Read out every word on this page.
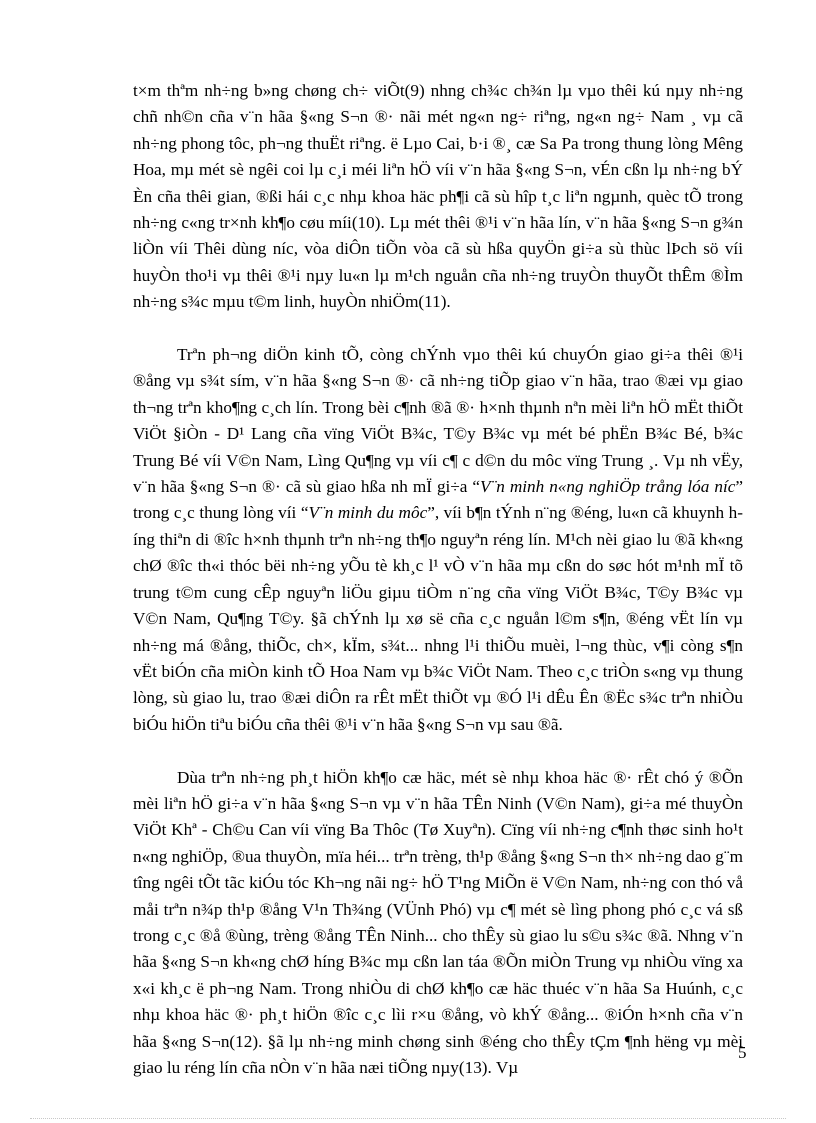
t×m thªm nh÷ng b»ng chøng ch÷ viÕt(9) nhng ch¾c ch¾n lµ vµo thêi kú nµy nh÷ng chñ nh©n cña v¨n hãa §«ng S¬n ®· nãi mét ng«n ng÷ riªng, ng«n ng÷ Nam ¸ vµ cã nh÷ng phong tôc, ph¬ng thuËt riªng. ë Lµo Cai, b·i ®¸ cæ Sa Pa trong thung lòng Mêng Hoa, mµ mét sè ngêi coi lµ c¸i méi liªn hÖ víi v¨n hãa §«ng S¬n, vÉn cßn lµ nh÷ng bÝ Èn cña thêi gian, ®ßi hái c¸c nhµ khoa häc ph¶i cã sù hîp t¸c liªn ngµnh, quèc tÕ trong nh÷ng c«ng tr×nh kh¶o cøu míi(10). Lµ mét thêi ®¹i v¨n hãa lín, v¨n hãa §«ng S¬n g¾n liÒn víi Thêi dùng níc, vòa diÔn tiÕn vòa cã sù hßa quyÖn gi÷a sù thùc lÞch sö víi huyÒn tho¹i vµ thêi ®¹i nµy lu«n lµ m¹ch nguån cña nh÷ng truyÒn thuyÕt thÊm ®Ìm nh÷ng s¾c mµu t©m linh, huyÒn nhiÖm(11).

Trªn ph¬ng diÖn kinh tÕ, còng chÝnh vµo thêi kú chuyÓn giao gi÷a thêi ®¹i ®ång vµ s¾t sím, v¨n hãa §«ng S¬n ®· cã nh÷ng tiÕp giao v¨n hãa, trao ®æi vµ giao th¬ng trªn kho¶ng c¸ch lín. Trong bèi c¶nh ®ã ®· h×nh thµnh nªn mèi liªn hÖ mËt thiÕt ViÖt §iÒn - D¹ Lang cña vïng ViÖt B¾c, T©y B¾c vµ mét bé phËn B¾c Bé, b¾c Trung Bé víi V©n Nam, Lìng Qu¶ng vµ víi c¶ c d©n du môc vïng Trung ¸. Vµ nh vËy, v¨n hãa §«ng S¬n ®· cã sù giao hßa nh mÏ gi÷a “V¨n minh n«ng nghiÖp trång lóa níc” trong c¸c thung lòng víi “V¨n minh du môc”, víi b¶n tÝnh n¨ng ®éng, lu«n cã khuynh híng thiªn di ®îc h×nh thµnh trªn nh÷ng th¶o nguyªn réng lín. M¹ch nèi giao lu ®ã kh«ng chØ ®îc th«i thóc bëi nh÷ng yÕu tè kh¸c l¹ vÒ v¨n hãa mµ cßn do søc hót m¹nh mÏ tõ trung t©m cung cÊp nguyªn liÖu giµu tiÒm n¨ng cña vïng ViÖt B¾c, T©y B¾c vµ V©n Nam, Qu¶ng T©y. §ã chÝnh lµ xø së cña c¸c nguån l©m s¶n, ®éng vËt lín vµ nh÷ng má ®ång, thiÕc, ch×, kÏm, s¾t... nhng l¹i thiÕu muèi, l¬ng thùc, v¶i còng s¶n vËt biÓn cña miÒn kinh tÕ Hoa Nam vµ b¾c ViÖt Nam. Theo c¸c triÒn s«ng vµ thung lòng, sù giao lu, trao ®æi diÔn ra rÊt mËt thiÕt vµ ®Ó l¹i dÊu Ên ®Ëc s¾c trªn nhiÒu biÓu hiÖn tiªu biÓu cña thêi ®¹i v¨n hãa §«ng S¬n vµ sau ®ã.

Dùa trªn nh÷ng ph¸t hiÖn kh¶o cæ häc, mét sè nhµ khoa häc ®· rÊt chó ý ®Õn mèi liªn hÖ gi÷a v¨n hãa §«ng S¬n vµ v¨n hãa TÊn Ninh (V©n Nam), gi÷a mé thuyÒn ViÖt Khª - Ch©u Can víi vïng Ba Thôc (Tø Xuyªn). Cïng víi nh÷ng c¶nh thøc sinh ho¹t n«ng nghiÖp, ®ua thuyÒn, mïa héi... trªn trèng, th¹p ®ång §«ng S¬n th× nh÷ng dao g¨m tîng ngêi tÕt tãc kiÓu tóc Kh¬ng nãi ng÷ hÖ T¹ng MiÕn ë V©n Nam, nh÷ng con thó vå måi trªn n¾p th¹p ®ång V¹n Th¾ng (VÜnh Phó) vµ c¶ mét sè lìng phong phó c¸c vá sß trong c¸c ®å ®ùng, trèng ®ång TÊn Ninh... cho thÊy sù giao lu s©u s¾c ®ã. Nhng v¨n hãa §«ng S¬n kh«ng chØ híng B¾c mµ cßn lan táa ®Õn miÒn Trung vµ nhiÒu vïng xa x«i kh¸c ë ph¬ng Nam. Trong nhiÒu di chØ kh¶o cæ häc thuéc v¨n hãa Sa Huúnh, c¸c nhµ khoa häc ®· ph¸t hiÖn ®îc c¸c lìi r×u ®ång, vò khÝ ®ång... ®iÓn h×nh cña v¨n hãa §«ng S¬n(12). §ã lµ nh÷ng minh chøng sinh ®éng cho thÊy tÇm ¶nh hëng vµ mèi giao lu réng lín cña nÒn v¨n hãa næi tiÕng nµy(13). Vµ

5
